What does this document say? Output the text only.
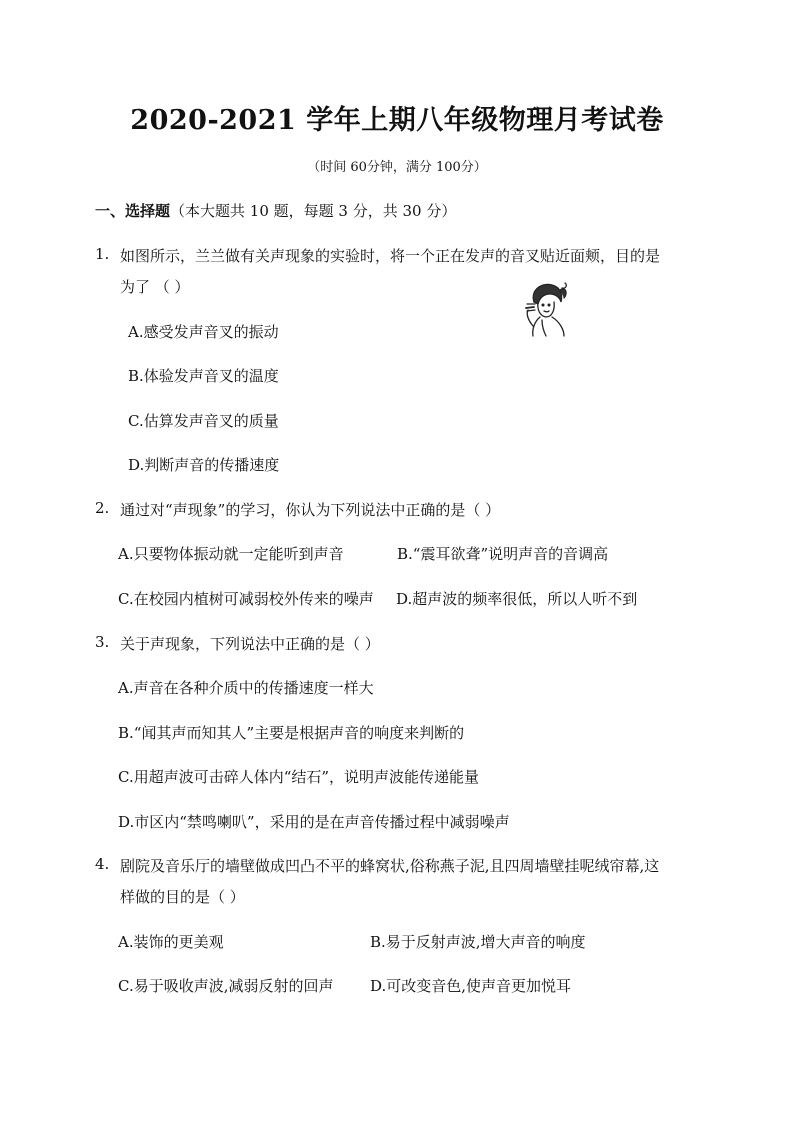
2020-2021 学年上期八年级物理月考试卷
（时间 60分钟，满分 100分）
一、选择题（本大题共 10 题，每题 3 分，共 30 分）
1. 如图所示，兰兰做有关声现象的实验时，将一个正在发声的音叉贴近面颊，目的是
为了 （ ）
A.感受发声音叉的振动
B.体验发声音叉的温度
C.估算发声音叉的质量
D.判断声音的传播速度
2. 通过对“声现象”的学习，你认为下列说法中正确的是（ ）
A.只要物体振动就一定能听到声音	B.“震耳欲聋”说明声音的音调高
C.在校园内植树可减弱校外传来的噪声 D.超声波的频率很低，所以人听不到
3. 关于声现象，下列说法中正确的是（ ）
A.声音在各种介质中的传播速度一样大
B.“闻其声而知其人”主要是根据声音的响度来判断的
C.用超声波可击碎人体内“结石”，说明声波能传递能量
D.市区内“禁鸣喇叭”，采用的是在声音传播过程中减弱噪声
4. 剧院及音乐厅的墙壁做成凹凸不平的蜂窝状,俗称燕子泥,且四周墙壁挂呢绒帘幕,这
样做的目的是（ ）
A.装饰的更美观	B.易于反射声波,增大声音的响度
C.易于吸收声波,减弱反射的回声 D.可改变音色,使声音更加悦耳
